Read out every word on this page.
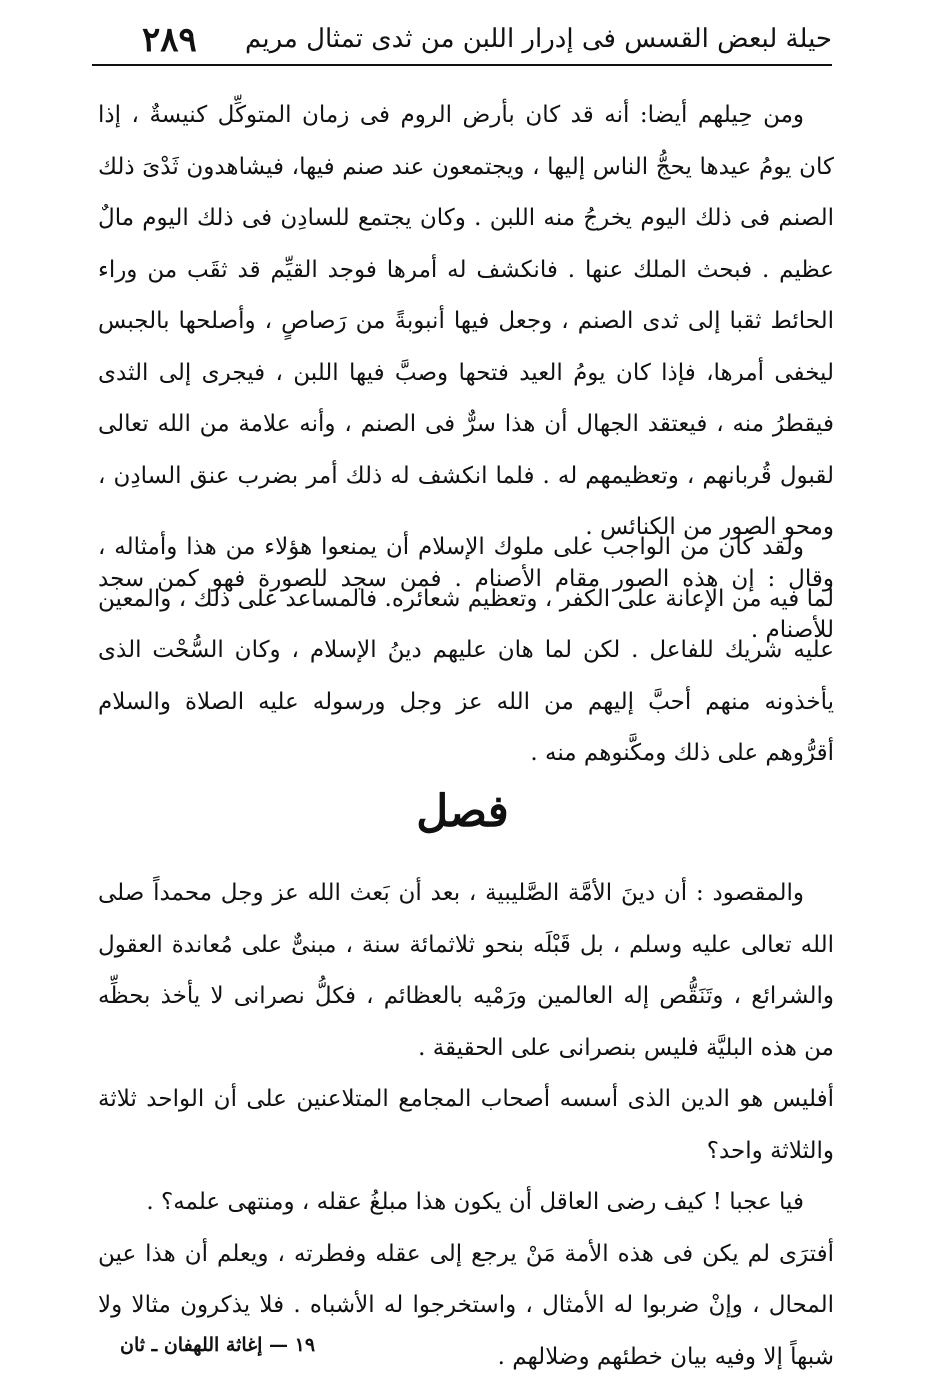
٢٨٩ حيلة لبعض القسس فى إدرار اللبن من ثدى تمثال مريم

ومن حِيلهم أيضا: أنه قد كان بأرض الروم فى زمان المتوكِّل كنيسةٌ ، إذا كان يومُ عيدها يحجُّ الناس إليها ، ويجتمعون عند صنم فيها، فيشاهدون ثَدْىَ ذلك الصنم فى ذلك اليوم يخرجُ منه اللبن . وكان يجتمع للسادِن فى ذلك اليوم مالٌ عظيم . فبحث الملك عنها . فانكشف له أمرها فوجد القيِّم قد ثقَب من وراء الحائط ثقبا إلى ثدى الصنم ، وجعل فيها أنبوبةً من رَصاصٍ ، وأصلحها بالجبس ليخفى أمرها، فإذا كان يومُ العيد فتحها وصبَّ فيها اللبن ، فيجرى إلى الثدى فيقطرُ منه ، فيعتقد الجهال أن هذا سرٌّ فى الصنم ، وأنه علامة من الله تعالى لقبول قُربانهم ، وتعظيمهم له . فلما انكشف له ذلك أمر بضرب عنق السادِن ، ومحو الصور من الكنائس .

وقال : إن هذه الصور مقام الأصنام . فمن سجد للصورة فهو كمن سجد للأصنام .

ولقد كان من الواجب على ملوك الإسلام أن يمنعوا هؤلاء من هذا وأمثاله ، لما فيه من الإعانة على الكفر ، وتعظيم شعائره. فالمساعد على ذلك ، والمعين عليه شريك للفاعل . لكن لما هان عليهم دينُ الإسلام ، وكان السُّحْت الذى يأخذونه منهم أحبَّ إليهم من الله عز وجل ورسوله عليه الصلاة والسلام أقرُّوهم على ذلك ومكَّنوهم منه .

فصل

والمقصود : أن دينَ الأمَّة الصَّليبية ، بعد أن بَعث الله عز وجل محمداً صلى الله تعالى عليه وسلم ، بل قَبْلَه بنحو ثلاثمائة سنة ، مبنىٌّ على مُعاندة العقول والشرائع ، وتَنَقُّص إله العالمين ورَمْيه بالعظائم ، فكلُّ نصرانى لا يأخذ بحظِّه من هذه البليَّة فليس بنصرانى على الحقيقة .

أفليس هو الدين الذى أسسه أصحاب المجامع المتلاعنين على أن الواحد ثلاثة والثلاثة واحد؟

فيا عجبا ! كيف رضى العاقل أن يكون هذا مبلغُ عقله ، ومنتهى علمه؟ .

أفترَى لم يكن فى هذه الأمة مَنْ يرجع إلى عقله وفطرته ، ويعلم أن هذا عين المحال ، وإنْ ضربوا له الأمثال ، واستخرجوا له الأشباه . فلا يذكرون مثالا ولا شبهاً إلا وفيه بيان خطئهم وضلالهم .

١٩ — إغاثة اللهفان ـ ثان
